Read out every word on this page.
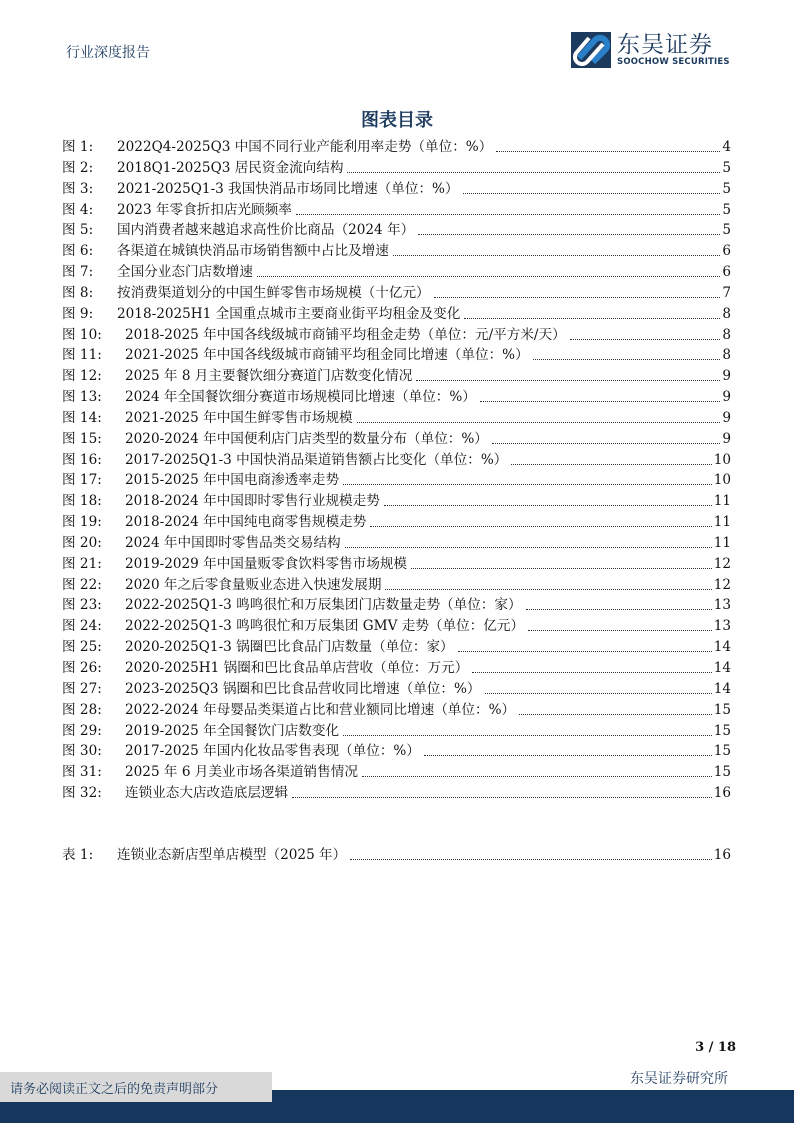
行业深度报告	东吴证券
SOOCHOW SECURITIES
图表目录
图 1:	2022Q4-2025Q3 中国不同行业产能利用率走势（单位：%）	4
图 2:	2018Q1-2025Q3 居民资金流向结构	5
图 3:	2021-2025Q1-3 我国快消品市场同比增速（单位：%）	5
图 4:	2023 年零食折扣店光顾频率	5
图 5:	国内消费者越来越追求高性价比商品（2024 年）	5
图 6:	各渠道在城镇快消品市场销售额中占比及增速	6
图 7:	全国分业态门店数增速	6
图 8:	按消费渠道划分的中国生鲜零售市场规模（十亿元）	7
图 9:	2018-2025H1 全国重点城市主要商业街平均租金及变化	8
图 10:	2018-2025 年中国各线级城市商铺平均租金走势（单位：元/平方米/天）	8
图 11:	2021-2025 年中国各线级城市商铺平均租金同比增速（单位：%）	8
图 12:	2025 年 8 月主要餐饮细分赛道门店数变化情况	9
图 13:	2024 年全国餐饮细分赛道市场规模同比增速（单位：%）	9
图 14:	2021-2025 年中国生鲜零售市场规模	9
图 15:	2020-2024 年中国便利店门店类型的数量分布（单位：%）	9
图 16:	2017-2025Q1-3 中国快消品渠道销售额占比变化（单位：%）	10
图 17:	2015-2025 年中国电商渗透率走势	10
图 18:	2018-2024 年中国即时零售行业规模走势	11
图 19:	2018-2024 年中国纯电商零售规模走势	11
图 20:	2024 年中国即时零售品类交易结构	11
图 21:	2019-2029 年中国量贩零食饮料零售市场规模	12
图 22:	2020 年之后零食量贩业态进入快速发展期	12
图 23:	2022-2025Q1-3 鸣鸣很忙和万辰集团门店数量走势（单位：家）	13
图 24:	2022-2025Q1-3 鸣鸣很忙和万辰集团 GMV 走势（单位：亿元）	13
图 25:	2020-2025Q1-3 锅圈巴比食品门店数量（单位：家）	14
图 26:	2020-2025H1 锅圈和巴比食品单店营收（单位：万元）	14
图 27:	2023-2025Q3 锅圈和巴比食品营收同比增速（单位：%）	14
图 28:	2022-2024 年母婴品类渠道占比和营业额同比增速（单位：%）	15
图 29:	2019-2025 年全国餐饮门店数变化	15
图 30:	2017-2025 年国内化妆品零售表现（单位：%）	15
图 31:	2025 年 6 月美业市场各渠道销售情况	15
图 32:	连锁业态大店改造底层逻辑	16
表 1:	连锁业态新店型单店模型（2025 年）	16
3 / 18
东吴证券研究所
请务必阅读正文之后的免责声明部分
